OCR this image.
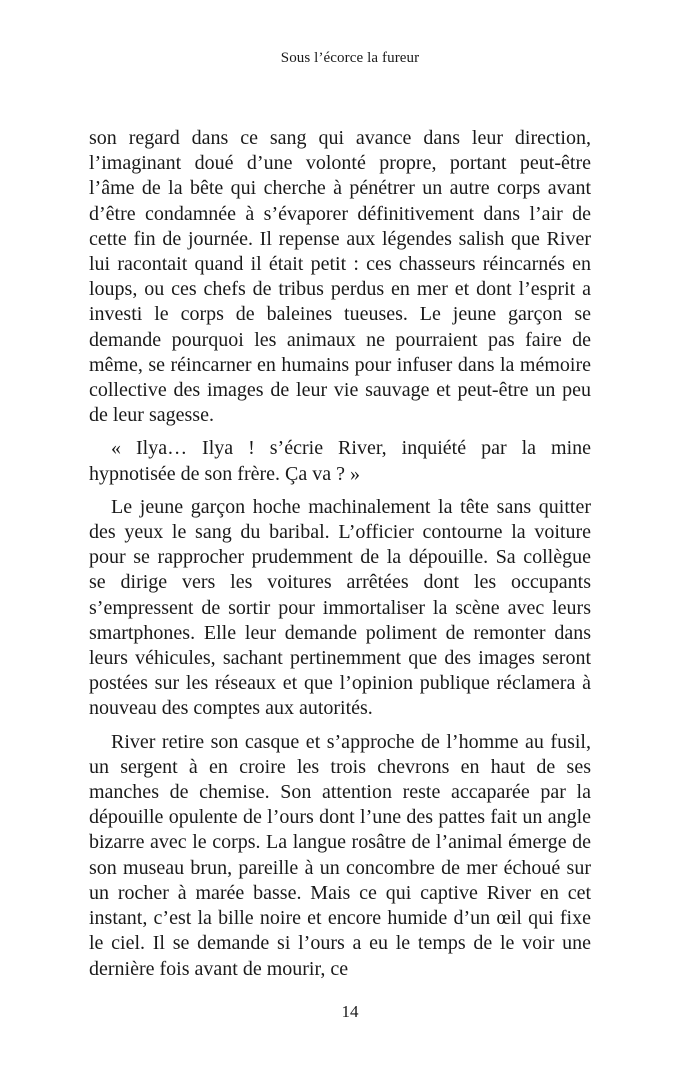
Sous l’écorce la fureur

son regard dans ce sang qui avance dans leur direction, l’imaginant doué d’une volonté propre, portant peut-être l’âme de la bête qui cherche à pénétrer un autre corps avant d’être condamnée à s’évaporer définitivement dans l’air de cette fin de journée. Il repense aux légendes salish que River lui racontait quand il était petit : ces chasseurs réincarnés en loups, ou ces chefs de tribus perdus en mer et dont l’esprit a investi le corps de baleines tueuses. Le jeune garçon se demande pourquoi les animaux ne pourraient pas faire de même, se réincarner en humains pour infuser dans la mémoire collective des images de leur vie sauvage et peut-être un peu de leur sagesse.

« Ilya… Ilya ! s’écrie River, inquiété par la mine hypnotisée de son frère. Ça va ? »

Le jeune garçon hoche machinalement la tête sans quitter des yeux le sang du baribal. L’officier contourne la voiture pour se rapprocher prudemment de la dépouille. Sa collègue se dirige vers les voitures arrêtées dont les occupants s’empressent de sortir pour immortaliser la scène avec leurs smartphones. Elle leur demande poliment de remonter dans leurs véhicules, sachant pertinemment que des images seront postées sur les réseaux et que l’opinion publique réclamera à nouveau des comptes aux autorités.

River retire son casque et s’approche de l’homme au fusil, un sergent à en croire les trois chevrons en haut de ses manches de chemise. Son attention reste accaparée par la dépouille opulente de l’ours dont l’une des pattes fait un angle bizarre avec le corps. La langue rosâtre de l’animal émerge de son museau brun, pareille à un concombre de mer échoué sur un rocher à marée basse. Mais ce qui captive River en cet instant, c’est la bille noire et encore humide d’un œil qui fixe le ciel. Il se demande si l’ours a eu le temps de le voir une dernière fois avant de mourir, ce

14
